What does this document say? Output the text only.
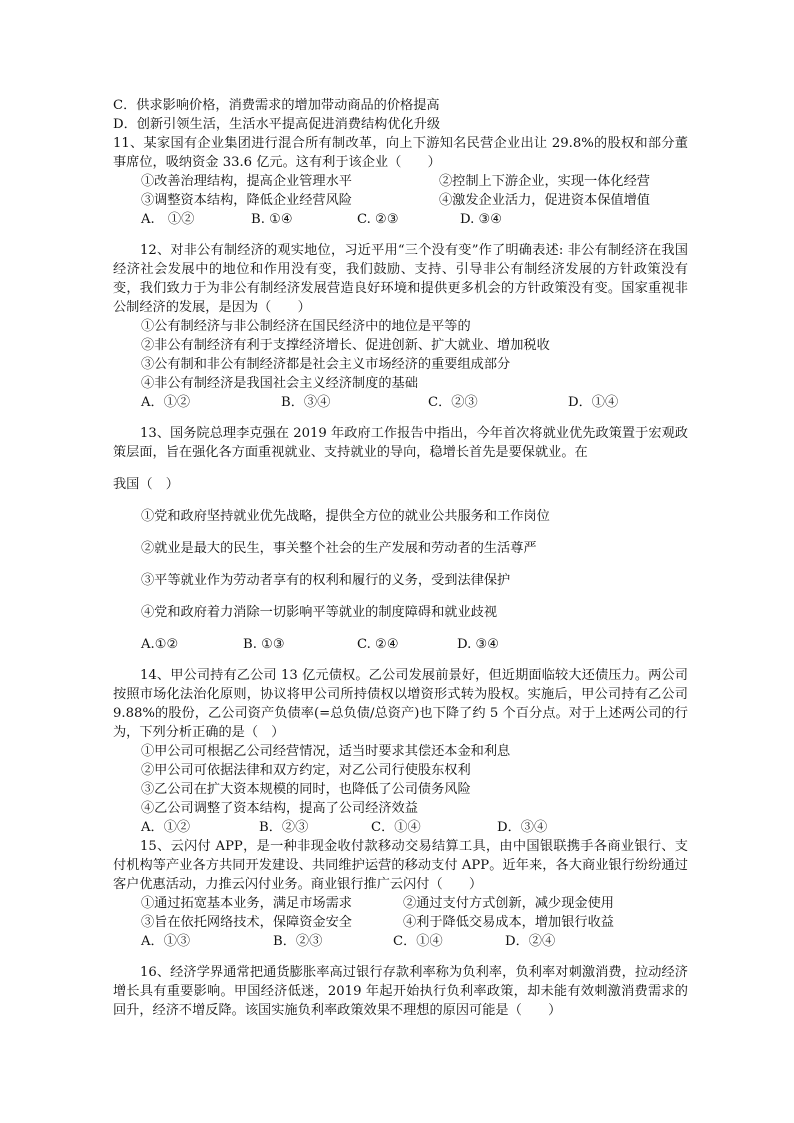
C．供求影响价格，消费需求的增加带动商品的价格提高
D．创新引领生活，生活水平提高促进消费结构优化升级
11、某家国有企业集团进行混合所有制改革，向上下游知名民营企业出让 29.8%的股权和部分董事席位，吸纳资金 33.6 亿元。这有利于该企业（　　）
①改善治理结构，提高企业管理水平	②控制上下游企业，实现一体化经营
③调整资本结构，降低企业经营风险	④激发企业活力，促进资本保值增值
A.　①②	B. ①④	C. ②③	D. ③④
12、对非公有制经济的观实地位，习近平用“三个没有变”作了明确表述: 非公有制经济在我国经济社会发展中的地位和作用没有变，我们鼓励、支持、引导非公有制经济发展的方针政策没有变，我们致力于为非公有制经济发展营造良好环境和提供更多机会的方针政策没有变。国家重视非公制经济的发展，是因为（　　）
①公有制经济与非公制经济在国民经济中的地位是平等的
②非公有制经济有利于支撑经济增长、促进创新、扩大就业、增加税收
③公有制和非公有制经济都是社会主义市场经济的重要组成部分
④非公有制经济是我国社会主义经济制度的基础
A．①②	B．③④	C．②③	D．①④
13、国务院总理李克强在 2019 年政府工作报告中指出，今年首次将就业优先政策置于宏观政策层面，旨在强化各方面重视就业、支持就业的导向，稳增长首先是要保就业。在
我国（　）
①党和政府坚持就业优先战略，提供全方位的就业公共服务和工作岗位
②就业是最大的民生，事关整个社会的生产发展和劳动者的生活尊严
③平等就业作为劳动者享有的权利和履行的义务，受到法律保护
④党和政府着力消除一切影响平等就业的制度障碍和就业歧视
A.①②	B. ①③	C. ②④	D. ③④
14、甲公司持有乙公司 13 亿元债权。乙公司发展前景好，但近期面临较大还债压力。两公司按照市场化法治化原则，协议将甲公司所持债权以增资形式转为股权。实施后，甲公司持有乙公司 9.88%的股份，乙公司资产负债率(=总负债/总资产)也下降了约 5 个百分点。对于上述两公司的行为，下列分析正确的是（　）
①甲公司可根据乙公司经营情况，适当时要求其偿还本金和利息
②甲公司可依据法律和双方约定，对乙公司行使股东权利
③乙公司在扩大资本规模的同时，也降低了公司债务风险
④乙公司调整了资本结构，提高了公司经济效益
A．①②	B．②③	C．①④	D．③④
15、云闪付 APP，是一种非现金收付款移动交易结算工具，由中国银联携手各商业银行、支付机构等产业各方共同开发建设、共同维护运营的移动支付 APP。近年来，各大商业银行纷纷通过客户优惠活动，力推云闪付业务。商业银行推广云闪付（　　）
①通过拓宽基本业务，满足市场需求	②通过支付方式创新，减少现金使用
③旨在依托网络技术，保障资金安全	④利于降低交易成本，增加银行收益
A．①③	B．②③	C．①④	D．②④
16、经济学界通常把通货膨胀率高过银行存款利率称为负利率，负利率对刺激消费，拉动经济增长具有重要影响。甲国经济低迷，2019 年起开始执行负利率政策，却未能有效刺激消费需求的回升，经济不增反降。该国实施负利率政策效果不理想的原因可能是（　　）
